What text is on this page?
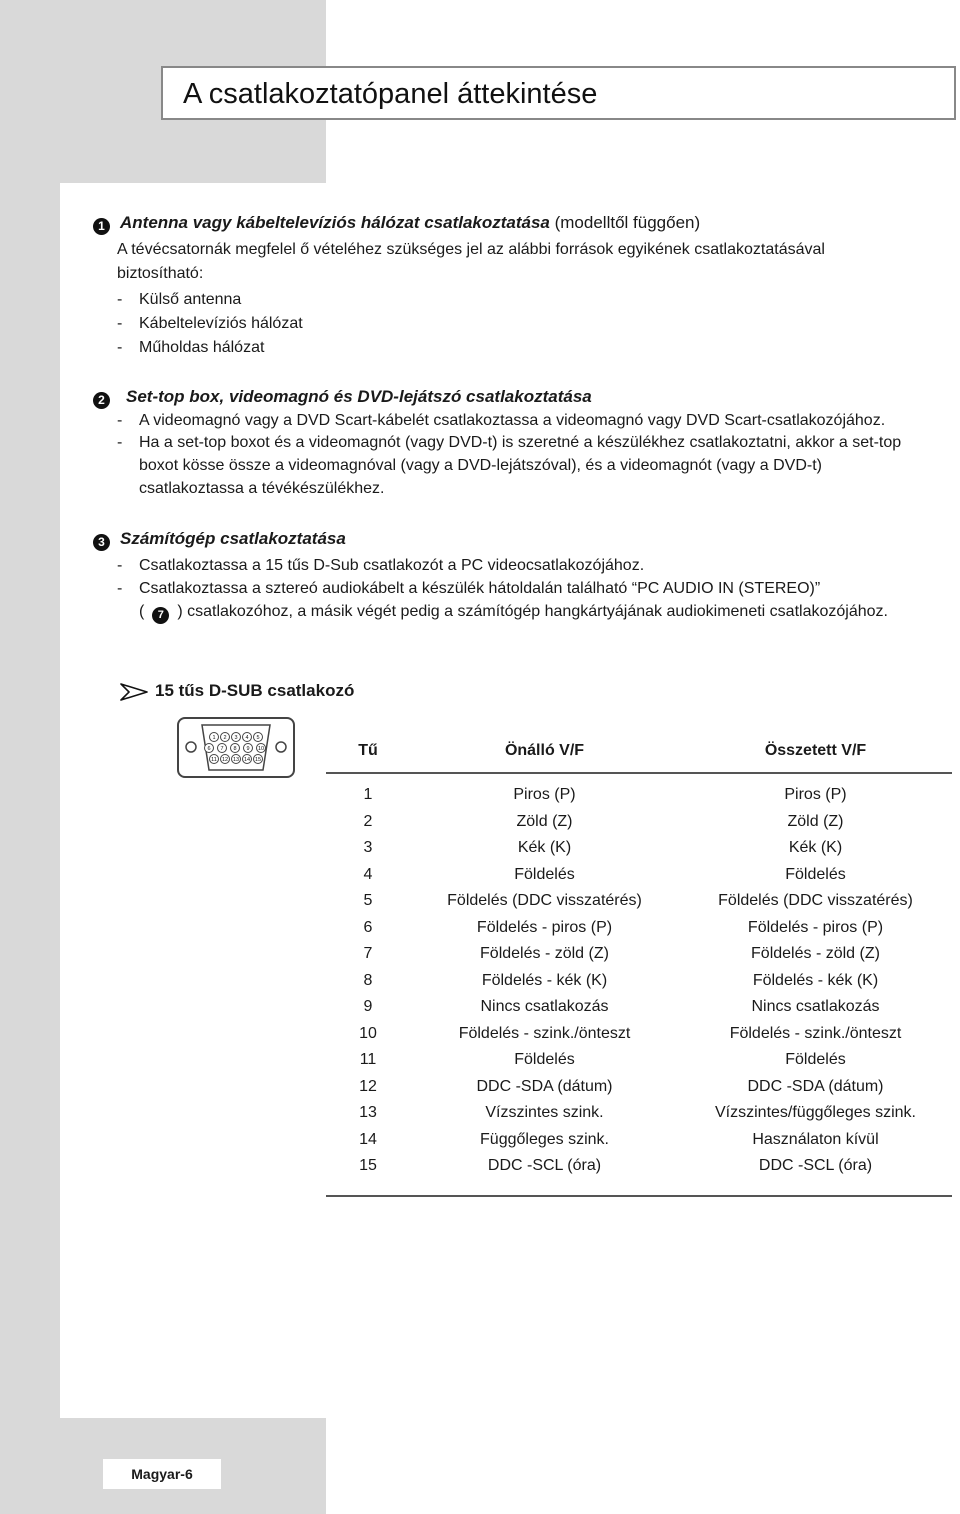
A csatlakoztatópanel áttekintése
1 Antenna vagy kábeltelevíziós hálózat csatlakoztatása (modelltől függően)
A tévécsatornák megfelel ő vételéhez szükséges jel az alábbi források egyikének csatlakoztatásával
biztosítható:
- Külső antenna
- Kábeltelevíziós hálózat
- Műholdas hálózat
2	Set-top box, videomagnó és DVD-lejátszó csatlakoztatása
- A videomagnó vagy a DVD Scart-kábelét csatlakoztassa a videomagnó vagy DVD Scart-csatlakozójához.
- Ha a set-top boxot és a videomagnót (vagy DVD-t) is szeretné a készülékhez csatlakoztatni, akkor a set-top
boxot kösse össze a videomagnóval (vagy a DVD-lejátszóval), és a videomagnót (vagy a DVD-t)
csatlakoztassa a tévékészülékhez.
3 Számítógép csatlakoztatása
- Csatlakoztassa a 15 tűs D-Sub csatlakozót a PC videocsatlakozójához.
- Csatlakoztassa a sztereó audiokábelt a készülék hátoldalán található “PC AUDIO IN (STEREO)”
( 7 ) csatlakozóhoz, a másik végét pedig a számítógép hangkártyájának audiokimeneti csatlakozójához.
15 tűs D-SUB csatlakozó
1 2 3 4 5
6 7 8 9 10
11 12 13 14 15
Tű	Önálló V/F	Összetett V/F
1	Piros (P)	Piros (P)
2	Zöld (Z)	Zöld (Z)
3	Kék (K)	Kék (K)
4	Földelés	Földelés
5	Földelés (DDC visszatérés)	Földelés (DDC visszatérés)
6	Földelés - piros (P)	Földelés - piros (P)
7	Földelés - zöld (Z)	Földelés - zöld (Z)
8	Földelés - kék (K)	Földelés - kék (K)
9	Nincs csatlakozás	Nincs csatlakozás
10	Földelés - szink./önteszt	Földelés - szink./önteszt
11	Földelés	Földelés
12	DDC -SDA (dátum)	DDC -SDA (dátum)
13	Vízszintes szink.	Vízszintes/függőleges szink.
14	Függőleges szink.	Használaton kívül
15	DDC -SCL (óra)	DDC -SCL (óra)
Magyar-6
